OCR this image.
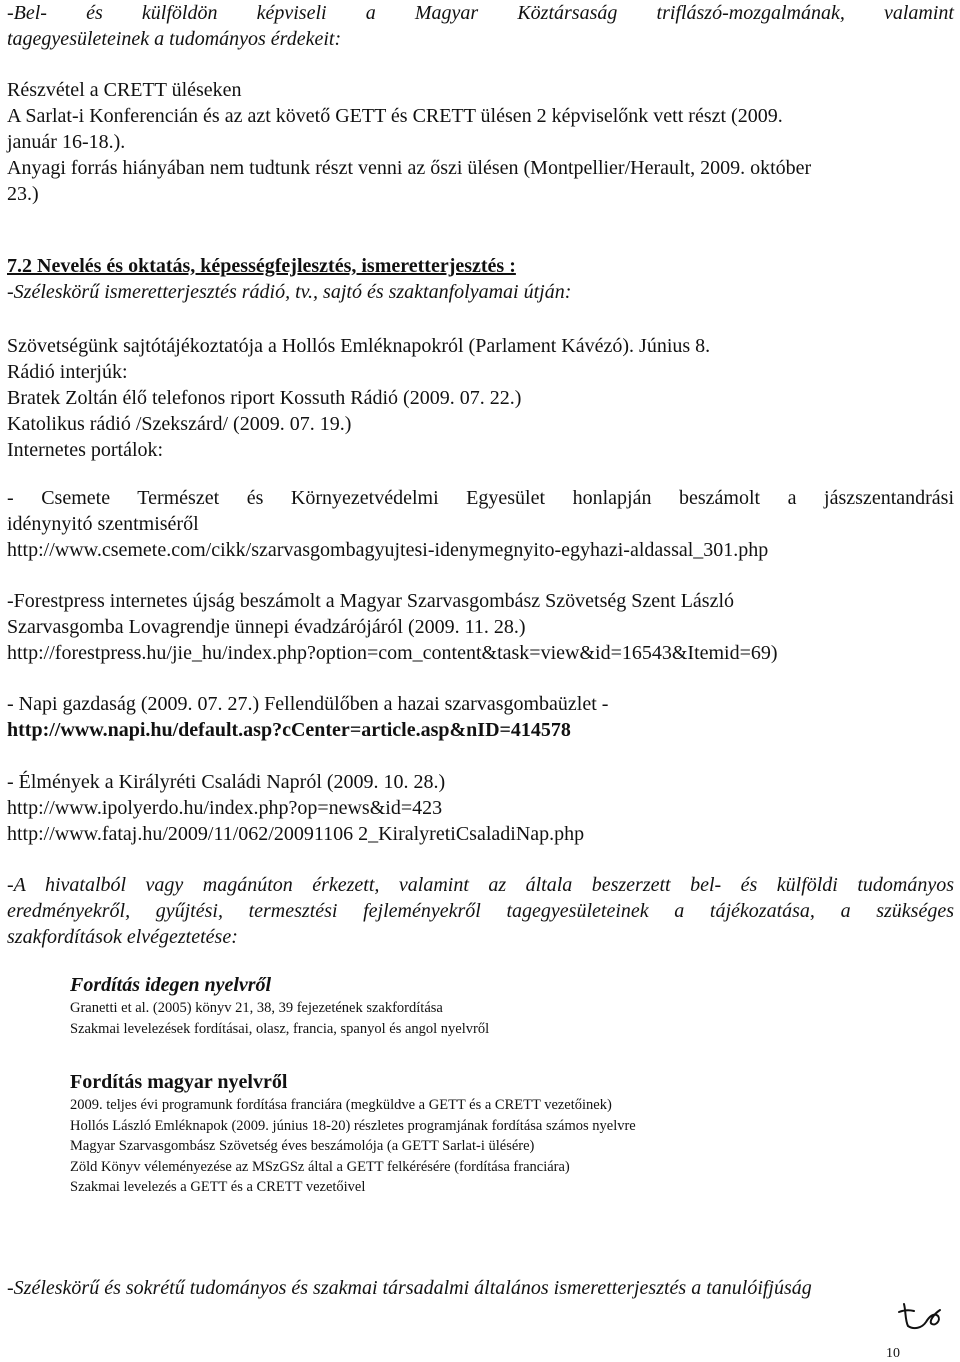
-Bel- és külföldön képviseli a Magyar Köztársaság triflászó-mozgalmának, valamint
tagegyesületeinek a tudományos érdekeit:
Részvétel a CRETT üléseken
A Sarlat-i Konferencián és az azt követő GETT és CRETT ülésen 2 képviselőnk vett részt (2009.
január 16-18.).
Anyagi forrás hiányában nem tudtunk részt venni az őszi ülésen (Montpellier/Herault, 2009. október
23.)
7.2 Nevelés és oktatás, képességfejlesztés, ismeretterjesztés :
-Széleskörű ismeretterjesztés rádió, tv., sajtó és szaktanfolyamai útján:
Szövetségünk sajtótájékoztatója a Hollós Emléknapokról (Parlament Kávézó). Június 8.
Rádió interjúk:
Bratek Zoltán élő telefonos riport Kossuth Rádió (2009. 07. 22.)
Katolikus rádió /Szekszárd/ (2009. 07. 19.)
Internetes portálok:
- Csemete Természet és Környezetvédelmi Egyesület honlapján beszámolt a jászszentandrási
idénynyitó szentmiséről
http://www.csemete.com/cikk/szarvasgombagyujtesi-idenymegnyito-egyhazi-aldassal_301.php
-Forestpress internetes újság beszámolt a Magyar Szarvasgombász Szövetség Szent László
Szarvasgomba Lovagrendje ünnepi évadzárójáról (2009. 11. 28.)
http://forestpress.hu/jie_hu/index.php?option=com_content&task=view&id=16543&Itemid=69)
- Napi gazdaság (2009. 07. 27.) Fellendülőben a hazai szarvasgombaüzlet -
http://www.napi.hu/default.asp?cCenter=article.asp&nID=414578
- Élmények a Királyréti Családi Napról (2009. 10. 28.)
http://www.ipolyerdo.hu/index.php?op=news&id=423
http://www.fataj.hu/2009/11/062/20091106 2_KiralyretiCsaladiNap.php
-A hivatalból vagy magánúton érkezett, valamint az általa beszerzett bel- és külföldi tudományos
eredményekről, gyűjtési, termesztési fejleményekről tagegyesületeinek a tájékozatása, a szükséges
szakfordítások elvégeztetése:
Fordítás idegen nyelvről
Granetti et al. (2005) könyv 21, 38, 39 fejezetének szakfordítása
Szakmai levelezések fordításai, olasz, francia, spanyol és angol nyelvről
Fordítás magyar nyelvről
2009. teljes évi programunk fordítása franciára (megküldve a GETT és a CRETT vezetőinek)
Hollós László Emléknapok (2009. június 18-20) részletes programjának fordítása számos nyelvre
Magyar Szarvasgombász Szövetség éves beszámolója (a GETT Sarlat-i ülésére)
Zöld Könyv véleményezése az MSzGSz által a GETT felkérésére (fordítása franciára)
Szakmai levelezés a GETT és a CRETT vezetőivel
-Széleskörű és sokrétű tudományos és szakmai társadalmi általános ismeretterjesztés a tanulóifjúság
10
